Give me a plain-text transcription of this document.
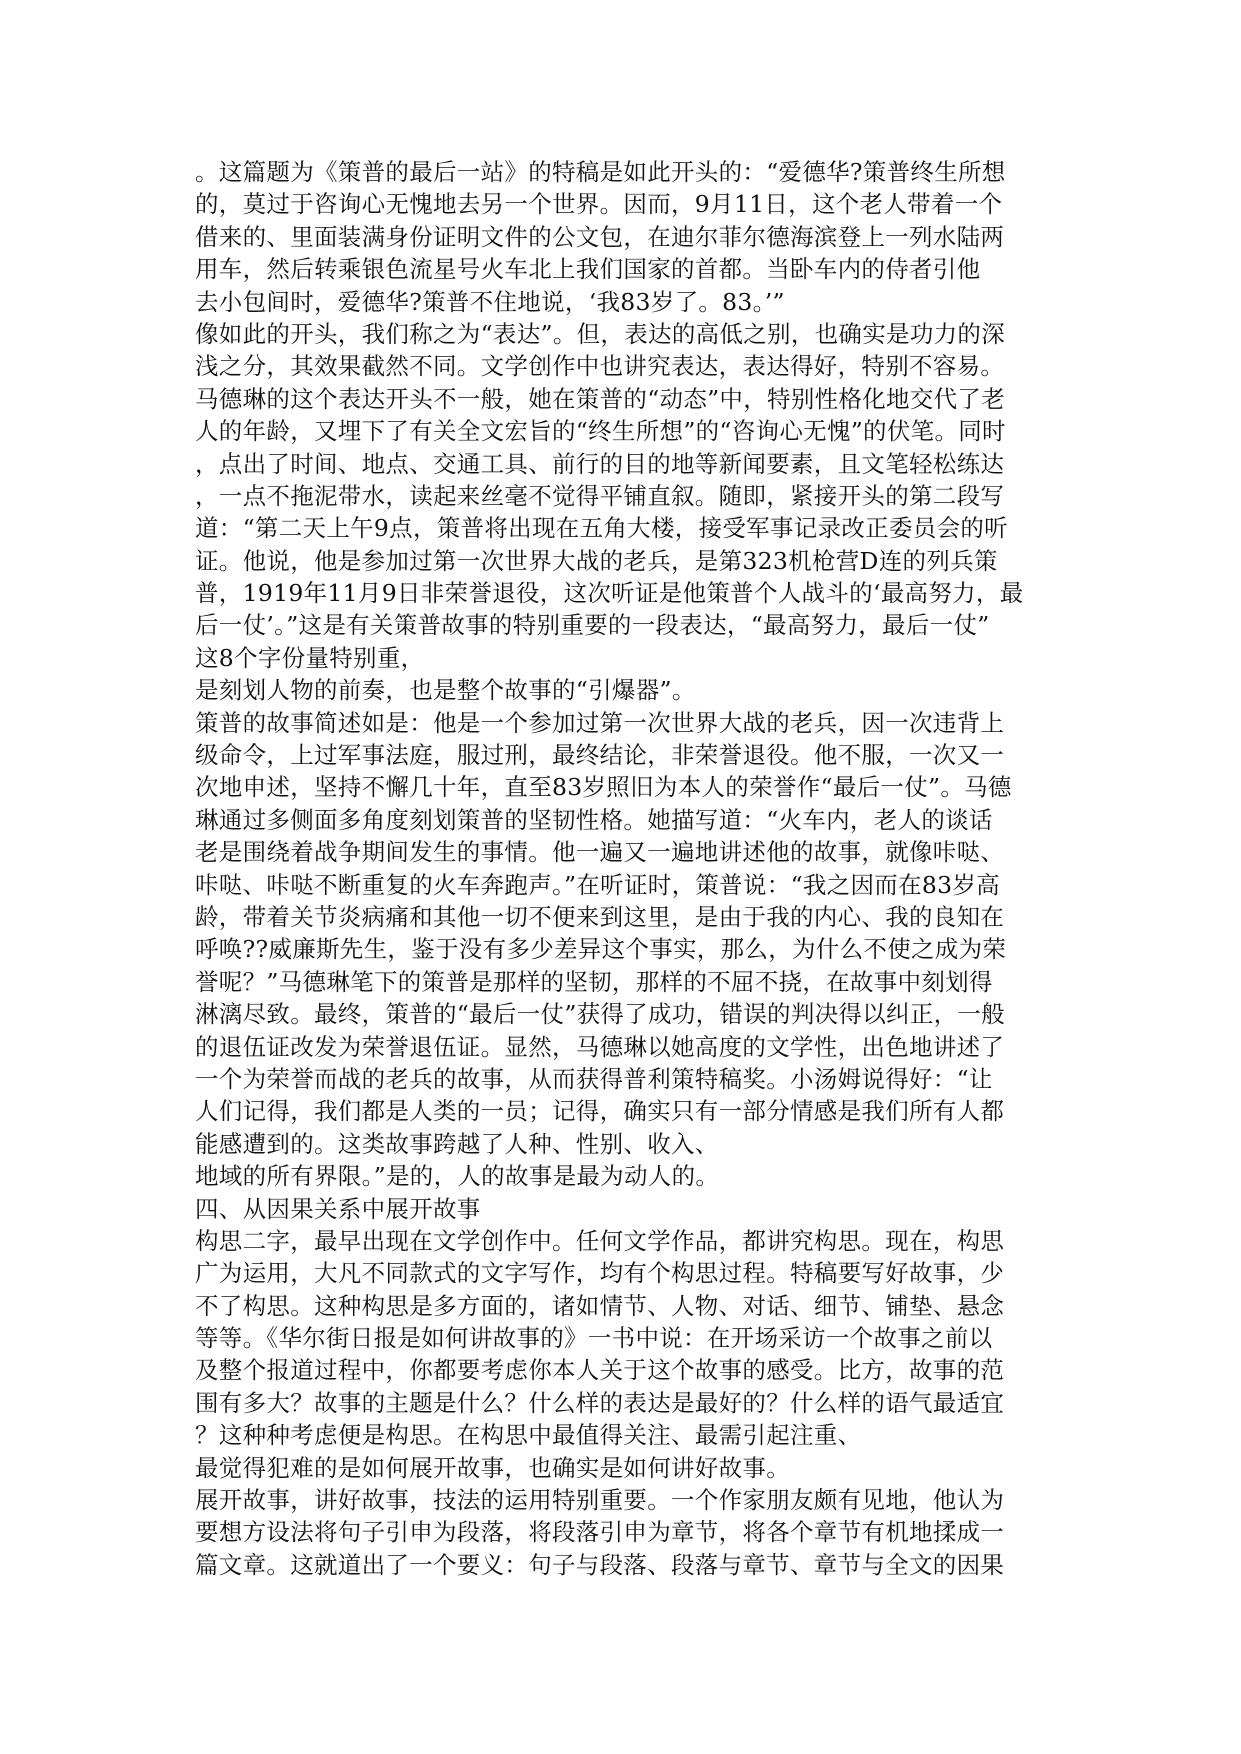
。这篇题为《策普的最后一站》的特稿是如此开头的：“爱德华?策普终生所想
的，莫过于咨询心无愧地去另一个世界。因而，9月11日，这个老人带着一个
借来的、里面装满身份证明文件的公文包，在迪尔菲尔德海滨登上一列水陆两
用车，然后转乘银色流星号火车北上我们国家的首都。当卧车内的侍者引他
去小包间时，爱德华?策普不住地说，‘我83岁了。83。’”
像如此的开头，我们称之为“表达”。但，表达的高低之别，也确实是功力的深
浅之分，其效果截然不同。文学创作中也讲究表达，表达得好，特别不容易。
马德琳的这个表达开头不一般，她在策普的“动态”中，特别性格化地交代了老
人的年龄，又埋下了有关全文宏旨的“终生所想”的“咨询心无愧”的伏笔。同时
，点出了时间、地点、交通工具、前行的目的地等新闻要素，且文笔轻松练达
，一点不拖泥带水，读起来丝毫不觉得平铺直叙。随即，紧接开头的第二段写
道：“第二天上午9点，策普将出现在五角大楼，接受军事记录改正委员会的听
证。他说，他是参加过第一次世界大战的老兵，是第323机枪营D连的列兵策
普，1919年11月9日非荣誉退役，这次听证是他策普个人战斗的‘最高努力，最
后一仗’。”这是有关策普故事的特别重要的一段表达，“最高努力，最后一仗”
这8个字份量特别重，
是刻划人物的前奏，也是整个故事的“引爆器”。
策普的故事简述如是：他是一个参加过第一次世界大战的老兵，因一次违背上
级命令，上过军事法庭，服过刑，最终结论，非荣誉退役。他不服，一次又一
次地申述，坚持不懈几十年，直至83岁照旧为本人的荣誉作“最后一仗”。马德
琳通过多侧面多角度刻划策普的坚韧性格。她描写道：“火车内，老人的谈话
老是围绕着战争期间发生的事情。他一遍又一遍地讲述他的故事，就像咔哒、
咔哒、咔哒不断重复的火车奔跑声。”在听证时，策普说：“我之因而在83岁高
龄，带着关节炎病痛和其他一切不便来到这里，是由于我的内心、我的良知在
呼唤??威廉斯先生，鉴于没有多少差异这个事实，那么，为什么不使之成为荣
誉呢？”马德琳笔下的策普是那样的坚韧，那样的不屈不挠，在故事中刻划得
淋漓尽致。最终，策普的“最后一仗”获得了成功，错误的判决得以纠正，一般
的退伍证改发为荣誉退伍证。显然，马德琳以她高度的文学性，出色地讲述了
一个为荣誉而战的老兵的故事，从而获得普利策特稿奖。小汤姆说得好：“让
人们记得，我们都是人类的一员；记得，确实只有一部分情感是我们所有人都
能感遭到的。这类故事跨越了人种、性别、收入、
地域的所有界限。”是的，人的故事是最为动人的。
四、从因果关系中展开故事
构思二字，最早出现在文学创作中。任何文学作品，都讲究构思。现在，构思
广为运用，大凡不同款式的文字写作，均有个构思过程。特稿要写好故事，少
不了构思。这种构思是多方面的，诸如情节、人物、对话、细节、铺垫、悬念
等等。《华尔街日报是如何讲故事的》一书中说：在开场采访一个故事之前以
及整个报道过程中，你都要考虑你本人关于这个故事的感受。比方，故事的范
围有多大？故事的主题是什么？什么样的表达是最好的？什么样的语气最适宜
？这种种考虑便是构思。在构思中最值得关注、最需引起注重、
最觉得犯难的是如何展开故事，也确实是如何讲好故事。
展开故事，讲好故事，技法的运用特别重要。一个作家朋友颇有见地，他认为
要想方设法将句子引申为段落，将段落引申为章节，将各个章节有机地揉成一
篇文章。这就道出了一个要义：句子与段落、段落与章节、章节与全文的因果
